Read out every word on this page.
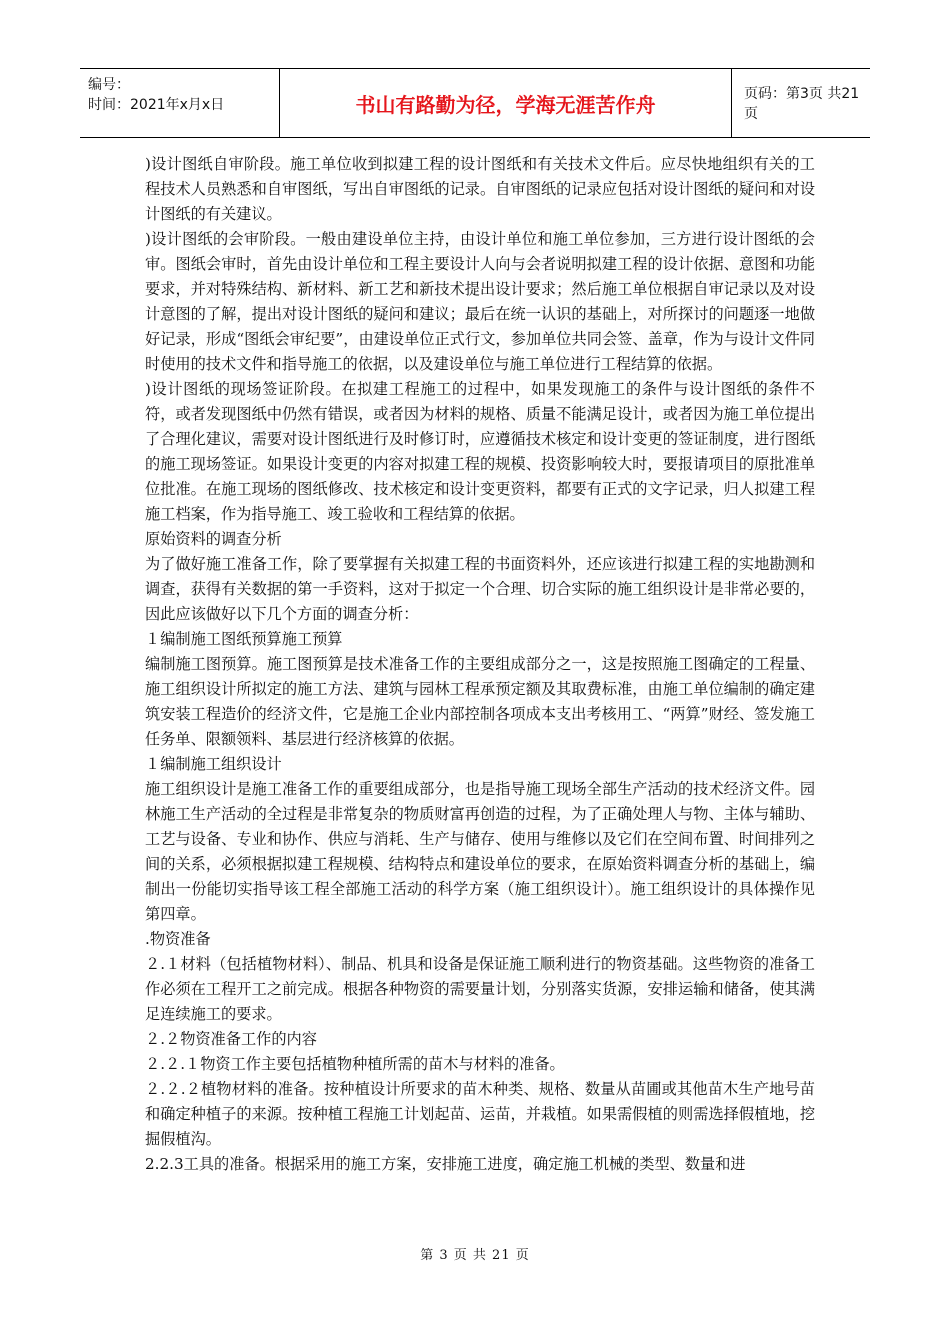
编号：
时间：2021年x月x日	书山有路勤为径，学海无涯苦作舟	页码：第3页 共21页

)设计图纸自审阶段。施工单位收到拟建工程的设计图纸和有关技术文件后。应尽快地组织有关的工程技术人员熟悉和自审图纸，写出自审图纸的记录。自审图纸的记录应包括对设计图纸的疑问和对设计图纸的有关建议。

)设计图纸的会审阶段。一般由建设单位主持，由设计单位和施工单位参加，三方进行设计图纸的会审。图纸会审时，首先由设计单位和工程主要设计人向与会者说明拟建工程的设计依据、意图和功能要求，并对特殊结构、新材料、新工艺和新技术提出设计要求；然后施工单位根据自审记录以及对设计意图的了解，提出对设计图纸的疑问和建议；最后在统一认识的基础上，对所探讨的问题逐一地做好记录，形成“图纸会审纪要”，由建设单位正式行文，参加单位共同会签、盖章，作为与设计文件同时使用的技术文件和指导施工的依据，以及建设单位与施工单位进行工程结算的依据。

)设计图纸的现场签证阶段。在拟建工程施工的过程中，如果发现施工的条件与设计图纸的条件不符，或者发现图纸中仍然有错误，或者因为材料的规格、质量不能满足设计，或者因为施工单位提出了合理化建议，需要对设计图纸进行及时修订时，应遵循技术核定和设计变更的签证制度，进行图纸的施工现场签证。如果设计变更的内容对拟建工程的规模、投资影响较大时，要报请项目的原批准单位批准。在施工现场的图纸修改、技术核定和设计变更资料，都要有正式的文字记录，归人拟建工程施工档案，作为指导施工、竣工验收和工程结算的依据。

原始资料的调查分析

为了做好施工准备工作，除了要掌握有关拟建工程的书面资料外，还应该进行拟建工程的实地勘测和调查，获得有关数据的第一手资料，这对于拟定一个合理、切合实际的施工组织设计是非常必要的，因此应该做好以下几个方面的调查分析：

１编制施工图纸预算施工预算

编制施工图预算。施工图预算是技术准备工作的主要组成部分之一，这是按照施工图确定的工程量、施工组织设计所拟定的施工方法、建筑与园林工程承预定额及其取费标准，由施工单位编制的确定建筑安装工程造价的经济文件，它是施工企业内部控制各项成本支出考核用工、“两算”财经、签发施工任务单、限额领料、基层进行经济核算的依据。

１编制施工组织设计

施工组织设计是施工准备工作的重要组成部分，也是指导施工现场全部生产活动的技术经济文件。园林施工生产活动的全过程是非常复杂的物质财富再创造的过程，为了正确处理人与物、主体与辅助、工艺与设备、专业和协作、供应与消耗、生产与储存、使用与维修以及它们在空间布置、时间排列之间的关系，必须根据拟建工程规模、结构特点和建设单位的要求，在原始资料调查分析的基础上，编制出一份能切实指导该工程全部施工活动的科学方案（施工组织设计）。施工组织设计的具体操作见第四章。

.物资准备

２.１材料（包括植物材料）、制品、机具和设备是保证施工顺利进行的物资基础。这些物资的准备工作必须在工程开工之前完成。根据各种物资的需要量计划，分别落实货源，安排运输和储备，使其满足连续施工的要求。

２.２物资准备工作的内容

２.２.１物资工作主要包括植物种植所需的苗木与材料的准备。

２.２.２植物材料的准备。按种植设计所要求的苗木种类、规格、数量从苗圃或其他苗木生产地号苗和确定种植子的来源。按种植工程施工计划起苗、运苗，并栽植。如果需假植的则需选择假植地，挖掘假植沟。

2.2.3工具的准备。根据采用的施工方案，安排施工进度，确定施工机械的类型、数量和进

第 3 页 共 21 页
